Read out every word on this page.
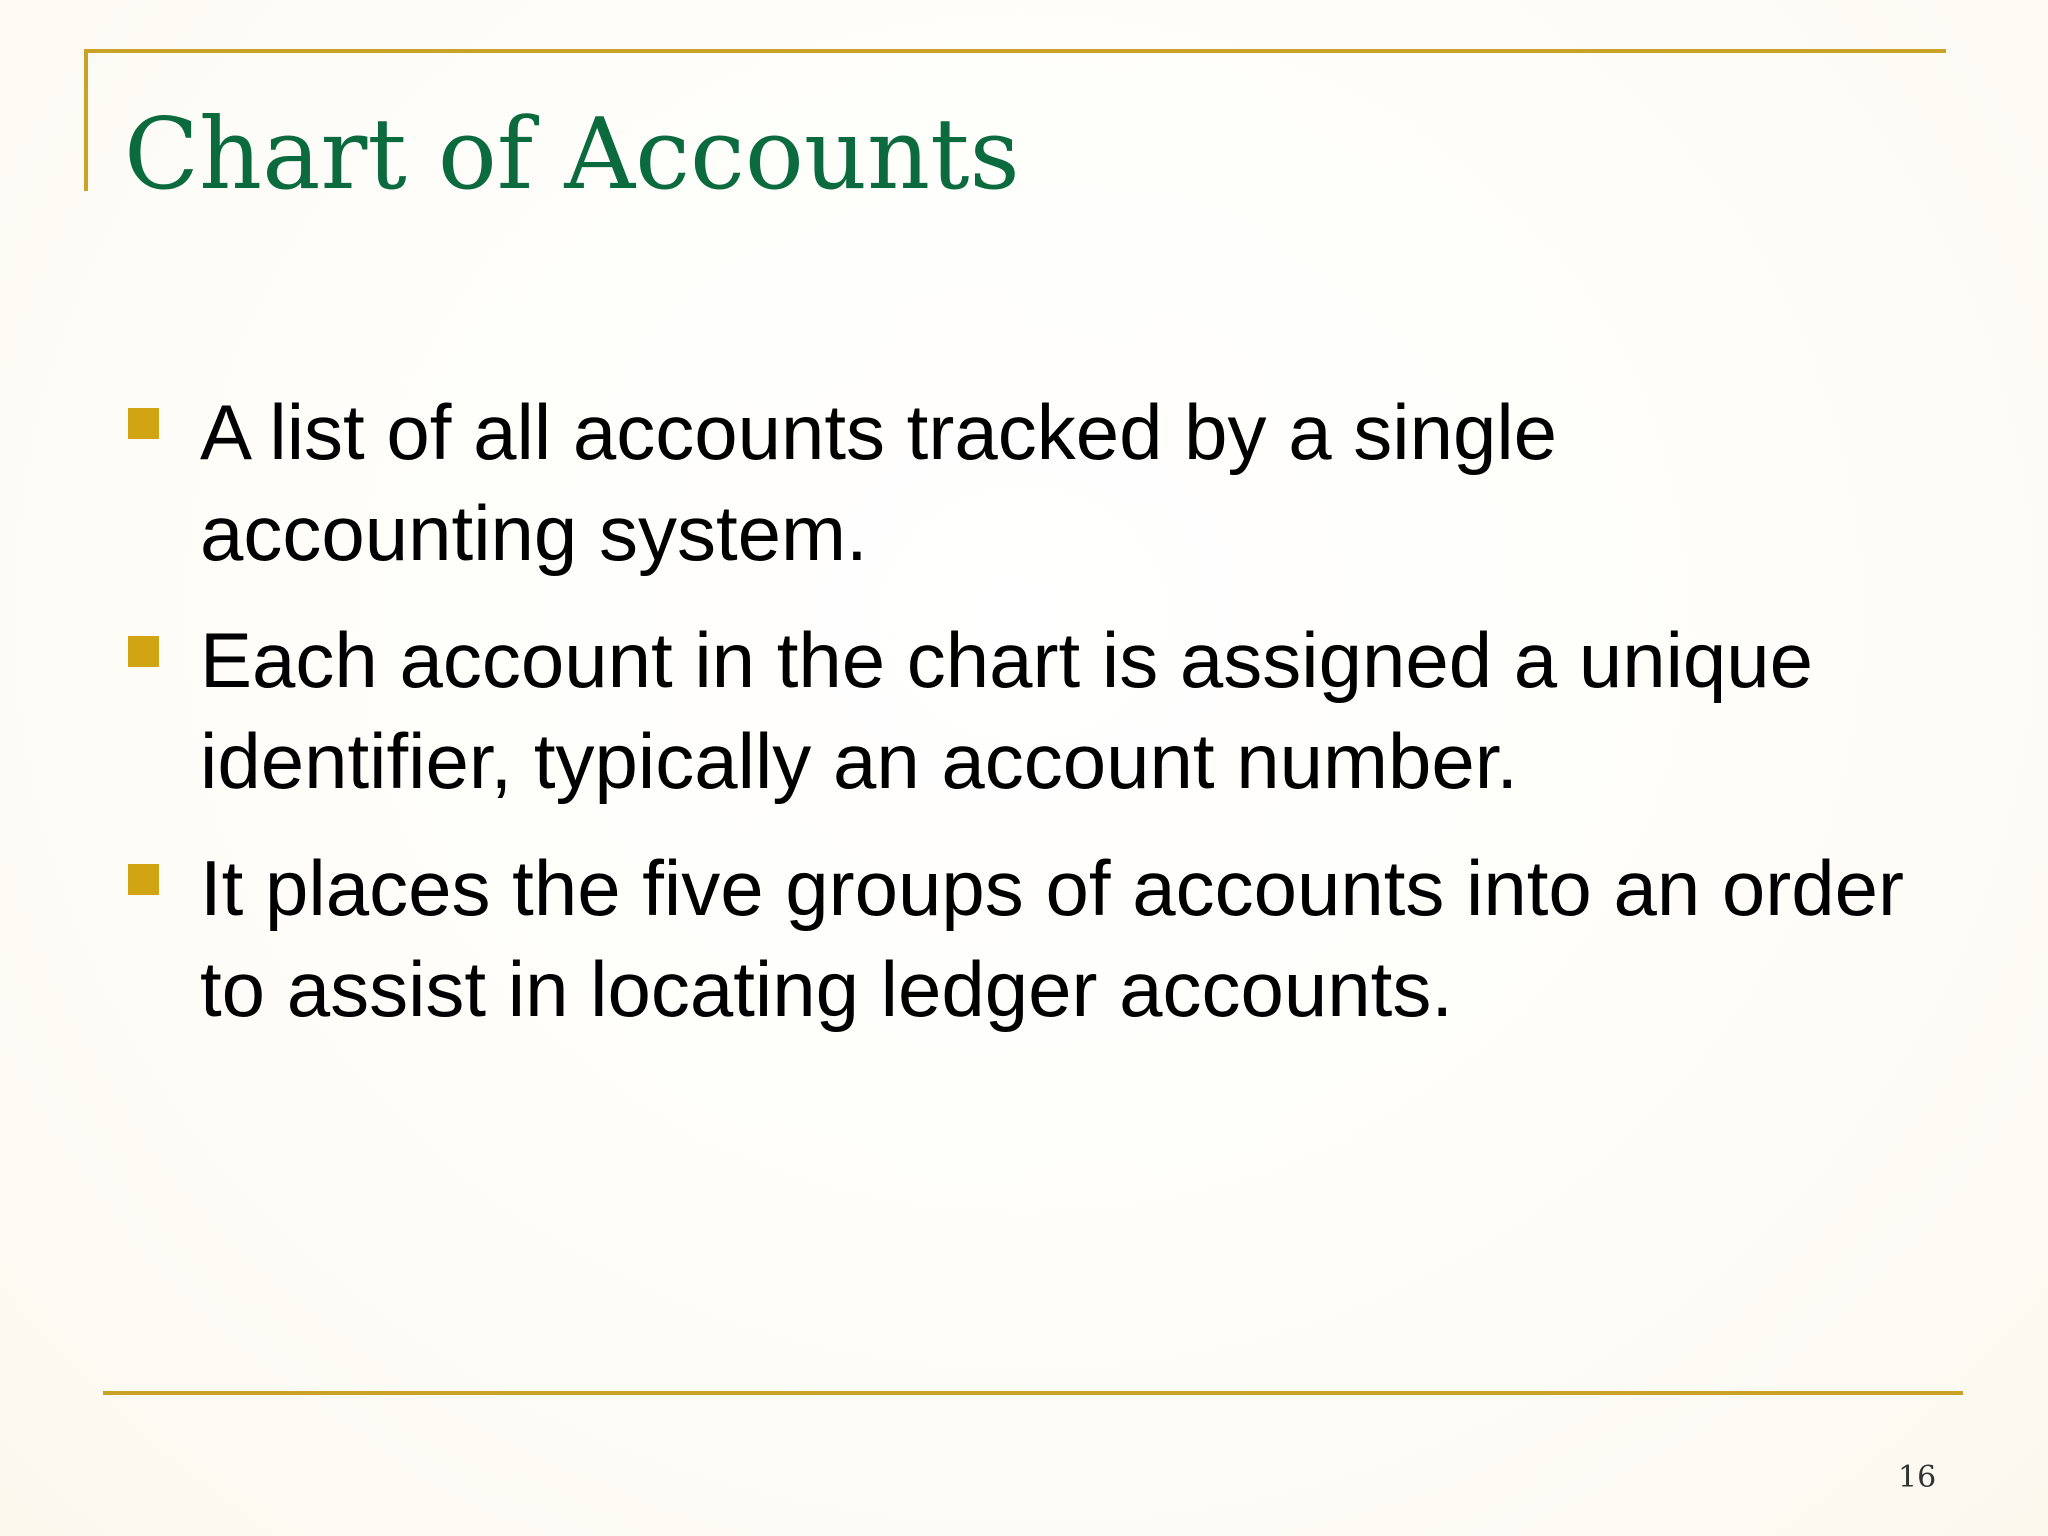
Chart of Accounts
A list of all accounts tracked by a single accounting system.
Each account in the chart is assigned a unique identifier, typically an account number.
It places the five groups of accounts into an order to assist in locating ledger accounts.
16
